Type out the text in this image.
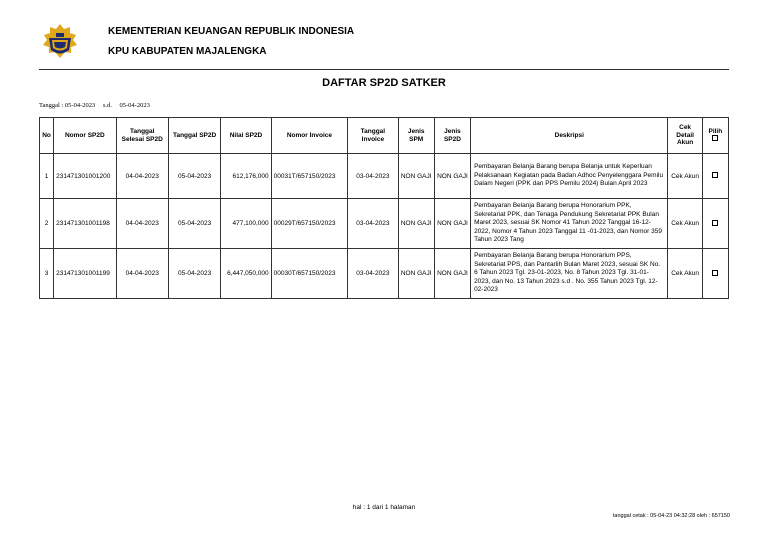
KEMENTERIAN KEUANGAN REPUBLIK INDONESIA
KPU KABUPATEN MAJALENGKA
DAFTAR SP2D SATKER
Tanggal : 05-04-2023 s.d. 05-04-2023
No	Nomor SP2D	Tanggal Selesai SP2D	Tanggal SP2D	Nilai SP2D	Nomor Invoice	Tanggal Invoice	Jenis SPM	Jenis SP2D	Deskripsi	Cek Detail Akun	Pilih

1	231471301001200	04-04-2023	05-04-2023	612,176,000	00031T/657150/2023	03-04-2023	NON GAJI	NON GAJI	Pembayaran Belanja Barang berupa Belanja untuk Keperluan Pelaksanaan Kegiatan pada Badan Adhoc Penyelenggara Pemilu Dalam Negeri (PPK dan PPS Pemilu 2024) Bulan April 2023	Cek Akun	
2	231471301001198	04-04-2023	05-04-2023	477,100,000	00029T/657150/2023	03-04-2023	NON GAJI	NON GAJI	Pembayaran Belanja Barang berupa Honorarium PPK, Sekretariat PPK, dan Tenaga Pendukung Sekretariat PPK Bulan Maret 2023, sesuai SK Nomor 41 Tahun 2022 Tanggal 16-12-2022, Nomor 4 Tahun 2023 Tanggal 11 -01-2023, dan Nomor 359 Tahun 2023 Tang	Cek Akun	
3	231471301001199	04-04-2023	05-04-2023	6,447,050,000	00030T/657150/2023	03-04-2023	NON GAJI	NON GAJI	Pembayaran Belanja Barang berupa Honorarium PPS, Sekretariat PPS, dan Pantarlih Bulan Maret 2023, sesuai SK No. 6 Tahun 2023 Tgl. 23-01-2023, No. 8 Tahun 2023 Tgl. 31-01-2023, dan No. 13 Tahun 2023 s.d . No. 355 Tahun 2023 Tgl. 12-02-2023	Cek Akun	
hal : 1 dari 1 halaman
tanggal cetak : 05-04-23 04:32:28 oleh : 657150
